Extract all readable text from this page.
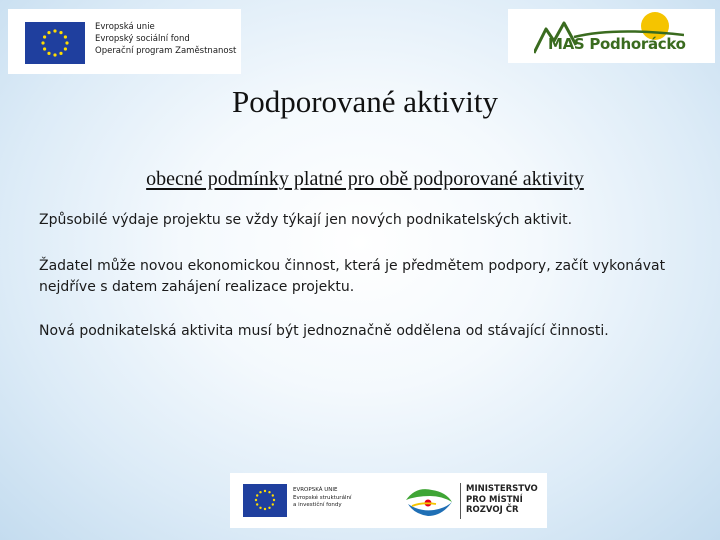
Evropská unie
Evropský sociální fond
Operační program Zaměstnanost	MAS Podhorácko
Podporované aktivity
obecné podmínky platné pro obě podporované aktivity
Způsobilé výdaje projektu se vždy týkají jen nových podnikatelských aktivit.
Žadatel může novou ekonomickou činnost, která je předmětem podpory, začít vykonávat nejdříve s datem zahájení realizace projektu.
Nová podnikatelská aktivita musí být jednoznačně oddělena od stávající činnosti.
EVROPSKÁ UNIE
Evropské strukturální
a investiční fondy
MINISTERSTVO
PRO MÍSTNÍ
ROZVOJ ČR
